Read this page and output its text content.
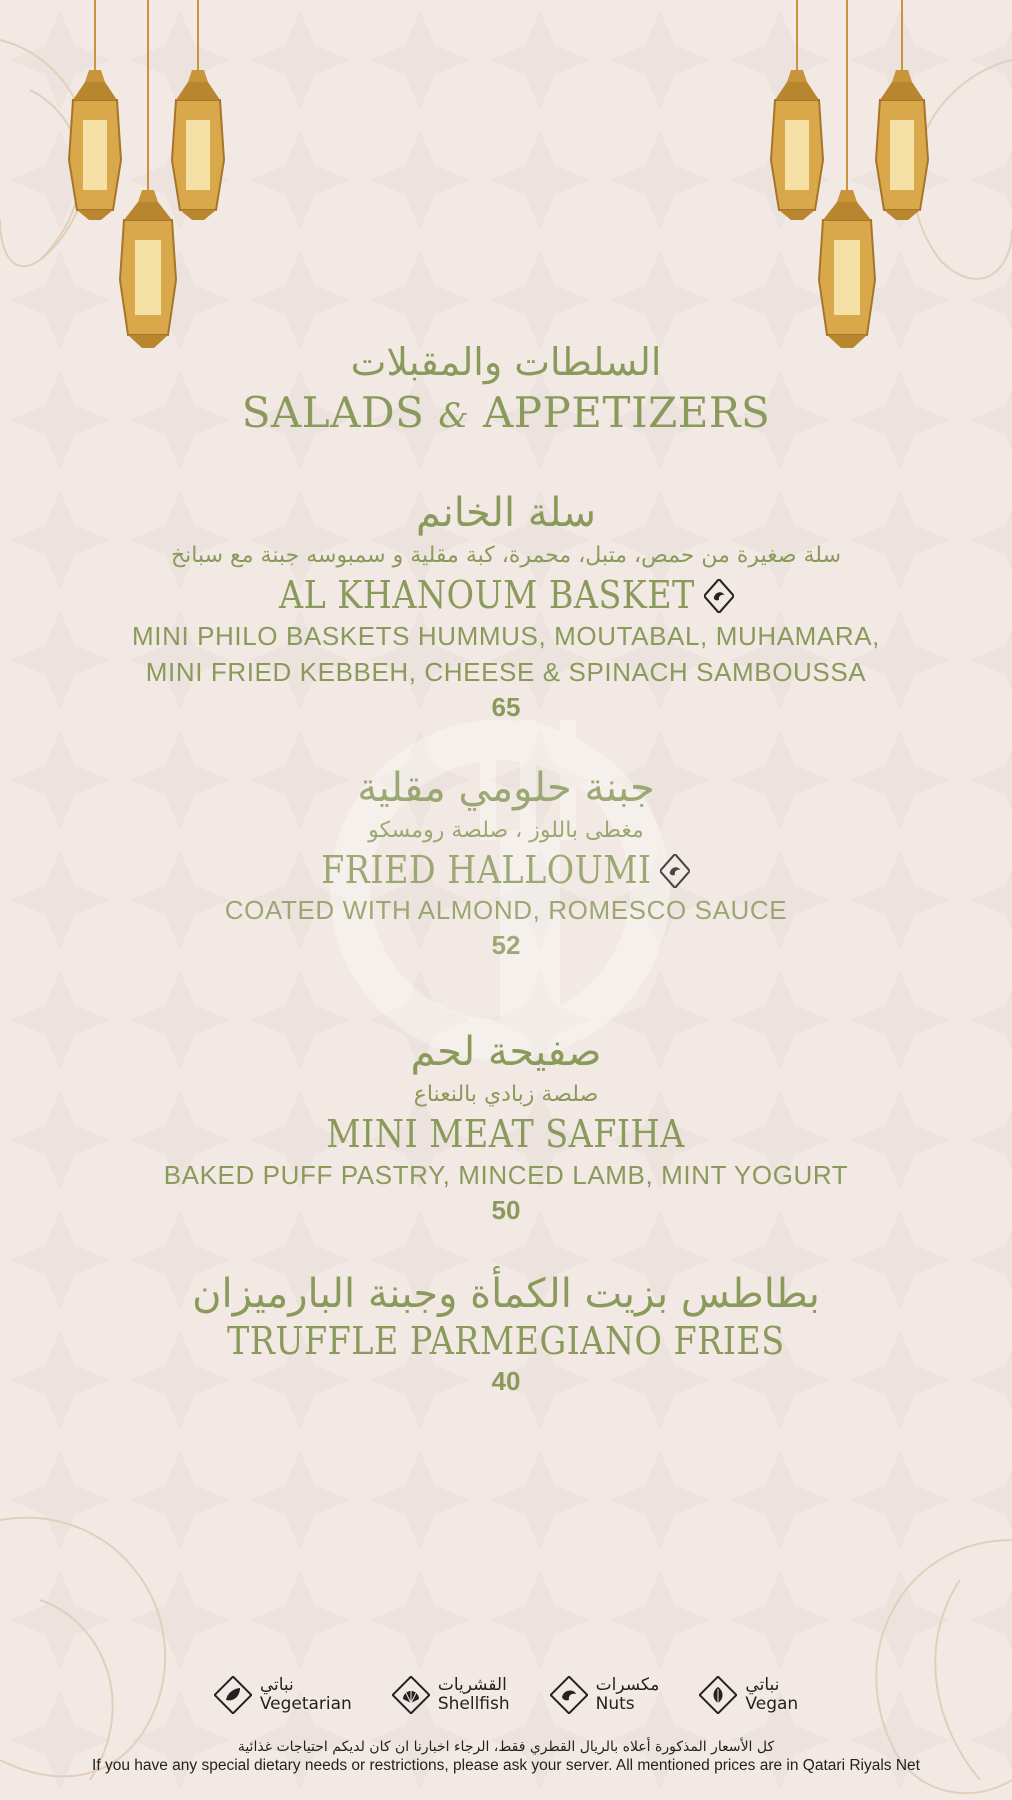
السلطات والمقبلات
SALADS & APPETIZERS
سلة الخانم
سلة صغيرة من حمص، متبل، محمرة، كبة مقلية و سمبوسه جبنة مع سبانخ
AL KHANOUM BASKET
MINI PHILO BASKETS HUMMUS, MOUTABAL, MUHAMARA,
MINI FRIED KEBBEH, CHEESE & SPINACH SAMBOUSSA
65
جبنة حلومي مقلية
مغطى باللوز ، صلصة رومسكو
FRIED HALLOUMI
COATED WITH ALMOND, ROMESCO SAUCE
52
صفيحة لحم
صلصة زبادي بالنعناع
MINI MEAT SAFIHA
BAKED PUFF PASTRY, MINCED LAMB, MINT YOGURT
50
بطاطس بزيت الكمأة وجبنة البارميزان
TRUFFLE PARMEGIANO FRIES
40
نباتي
Vegetarian
القشريات
Shellfish
مكسرات
Nuts
نباتي
Vegan
كل الأسعار المذكورة أعلاه بالريال القطري فقط، الرجاء اخبارنا ان كان لديكم احتياجات غذائية
If you have any special dietary needs or restrictions, please ask your server. All mentioned prices are in Qatari Riyals Net
